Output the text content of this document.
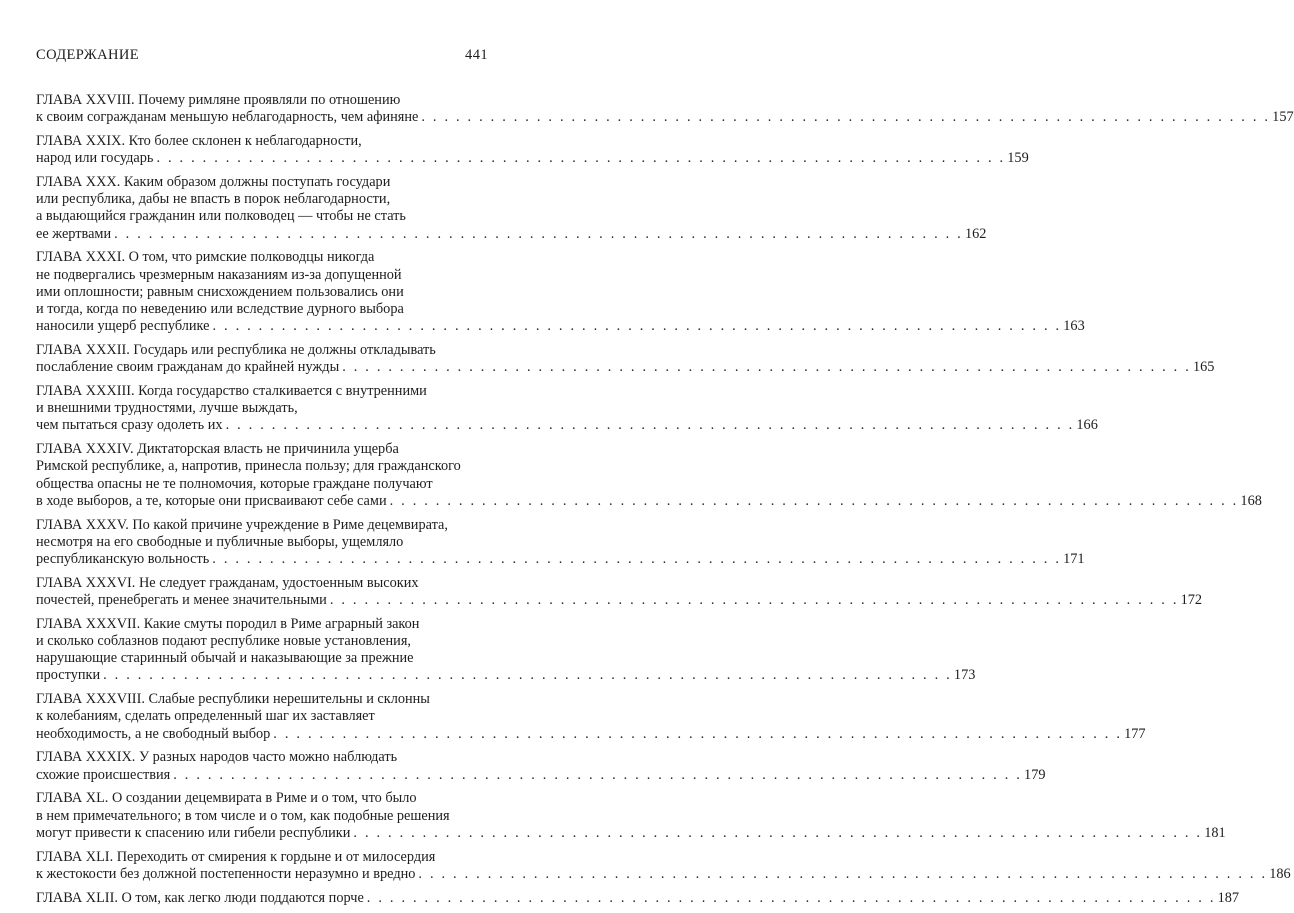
СОДЕРЖАНИЕ	441
ГЛАВА XXVIII. Почему римляне проявляли по отношению
к своим согражданам меньшую неблагодарность, чем афиняне . . . . . . . . . . . . . . . . . . . . . . . . . . . . . . . . . . . . . . . . . . . . . . . . . . . . . . . . . . . . . . . . . . . . . . . . . . 157
ГЛАВА XXIX. Кто более склонен к неблагодарности,
народ или государь . . . . . . . . . . . . . . . . . . . . . . . . . . . . . . . . . . . . . . . . . . . . . . . . . . . . . . . . . . . . . . . . . . . . . . . . . . 159
ГЛАВА XXX. Каким образом должны поступать государи
или республика, дабы не впасть в порок неблагодарности,
а выдающийся гражданин или полководец — чтобы не стать
ее жертвами . . . . . . . . . . . . . . . . . . . . . . . . . . . . . . . . . . . . . . . . . . . . . . . . . . . . . . . . . . . . . . . . . . . . . . . . . . 162
ГЛАВА XXXI. О том, что римские полководцы никогда
не подвергались чрезмерным наказаниям из-за допущенной
ими оплошности; равным снисхождением пользовались они
и тогда, когда по неведению или вследствие дурного выбора
наносили ущерб республике . . . . . . . . . . . . . . . . . . . . . . . . . . . . . . . . . . . . . . . . . . . . . . . . . . . . . . . . . . . . . . . . . . . . . . . . . . 163
ГЛАВА XXXII. Государь или республика не должны откладывать
послабление своим гражданам до крайней нужды . . . . . . . . . . . . . . . . . . . . . . . . . . . . . . . . . . . . . . . . . . . . . . . . . . . . . . . . . . . . . . . . . . . . . . . . . . 165
ГЛАВА XXXIII. Когда государство сталкивается с внутренними
и внешними трудностями, лучше выждать,
чем пытаться сразу одолеть их . . . . . . . . . . . . . . . . . . . . . . . . . . . . . . . . . . . . . . . . . . . . . . . . . . . . . . . . . . . . . . . . . . . . . . . . . . 166
ГЛАВА XXXIV. Диктаторская власть не причинила ущерба
Римской республике, а, напротив, принесла пользу; для гражданского
общества опасны не те полномочия, которые граждане получают
в ходе выборов, а те, которые они присваивают себе сами . . . . . . . . . . . . . . . . . . . . . . . . . . . . . . . . . . . . . . . . . . . . . . . . . . . . . . . . . . . . . . . . . . . . . . . . . . 168
ГЛАВА XXXV. По какой причине учреждение в Риме децемвирата,
несмотря на его свободные и публичные выборы, ущемляло
республиканскую вольность . . . . . . . . . . . . . . . . . . . . . . . . . . . . . . . . . . . . . . . . . . . . . . . . . . . . . . . . . . . . . . . . . . . . . . . . . . 171
ГЛАВА XXXVI. Не следует гражданам, удостоенным высоких
почестей, пренебрегать и менее значительными . . . . . . . . . . . . . . . . . . . . . . . . . . . . . . . . . . . . . . . . . . . . . . . . . . . . . . . . . . . . . . . . . . . . . . . . . . 172
ГЛАВА XXXVII. Какие смуты породил в Риме аграрный закон
и сколько соблазнов подают республике новые установления,
нарушающие старинный обычай и наказывающие за прежние
проступки . . . . . . . . . . . . . . . . . . . . . . . . . . . . . . . . . . . . . . . . . . . . . . . . . . . . . . . . . . . . . . . . . . . . . . . . . . 173
ГЛАВА XXXVIII. Слабые республики нерешительны и склонны
к колебаниям, сделать определенный шаг их заставляет
необходимость, а не свободный выбор . . . . . . . . . . . . . . . . . . . . . . . . . . . . . . . . . . . . . . . . . . . . . . . . . . . . . . . . . . . . . . . . . . . . . . . . . . 177
ГЛАВА XXXIX. У разных народов часто можно наблюдать
схожие происшествия . . . . . . . . . . . . . . . . . . . . . . . . . . . . . . . . . . . . . . . . . . . . . . . . . . . . . . . . . . . . . . . . . . . . . . . . . . 179
ГЛАВА XL. О создании децемвирата в Риме и о том, что было
в нем примечательного; в том числе и о том, как подобные решения
могут привести к спасению или гибели республики . . . . . . . . . . . . . . . . . . . . . . . . . . . . . . . . . . . . . . . . . . . . . . . . . . . . . . . . . . . . . . . . . . . . . . . . . . 181
ГЛАВА XLI. Переходить от смирения к гордыне и от милосердия
к жестокости без должной постепенности неразумно и вредно . . . . . . . . . . . . . . . . . . . . . . . . . . . . . . . . . . . . . . . . . . . . . . . . . . . . . . . . . . . . . . . . . . . . . . . . . . 186
ГЛАВА XLII. О том, как легко люди поддаются порче . . . . . . . . . . . . . . . . . . . . . . . . . . . . . . . . . . . . . . . . . . . . . . . . . . . . . . . . . . . . . . . . . . . . . . . . . . 187
